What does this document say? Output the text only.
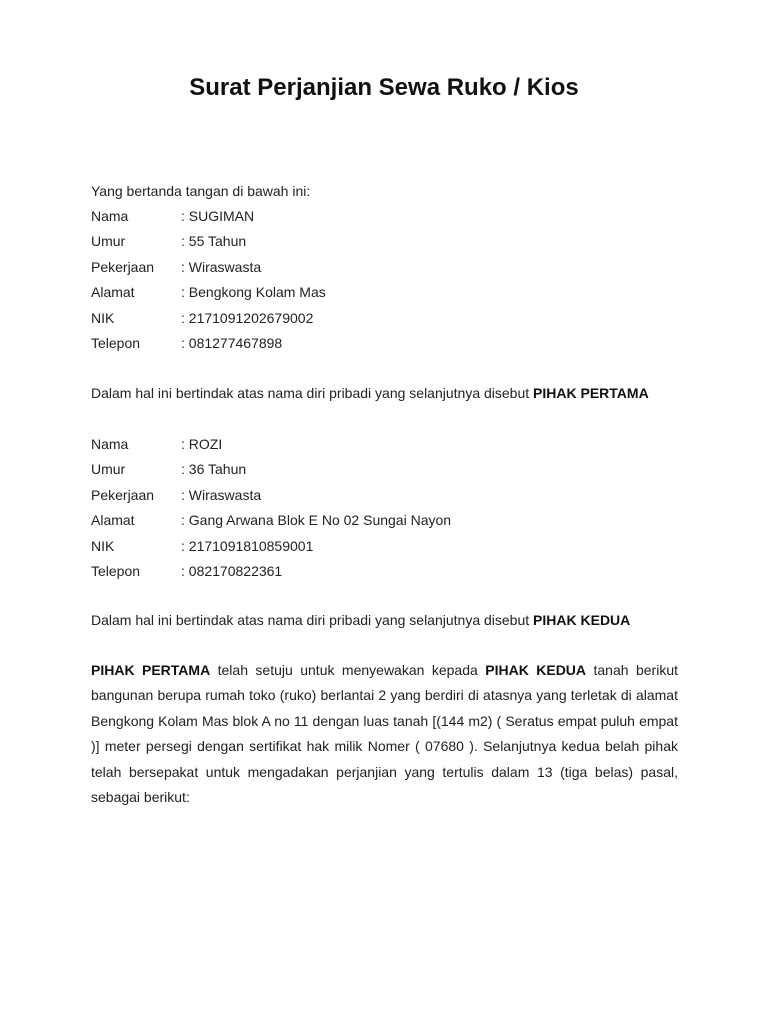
Surat Perjanjian Sewa Ruko / Kios

Yang bertanda tangan di bawah ini:

Nama	: SUGIMAN
Umur	: 55 Tahun
Pekerjaan	: Wiraswasta
Alamat	: Bengkong Kolam Mas
NIK	: 2171091202679002
Telepon	: 081277467898

Dalam hal ini bertindak atas nama diri pribadi yang selanjutnya disebut PIHAK PERTAMA

Nama	: ROZI
Umur	: 36 Tahun
Pekerjaan	: Wiraswasta
Alamat	: Gang Arwana Blok E No 02 Sungai Nayon
NIK	: 2171091810859001
Telepon	: 082170822361

Dalam hal ini bertindak atas nama diri pribadi yang selanjutnya disebut PIHAK KEDUA

PIHAK PERTAMA telah setuju untuk menyewakan kepada PIHAK KEDUA tanah berikut bangunan berupa rumah toko (ruko) berlantai 2 yang berdiri di atasnya yang terletak di alamat Bengkong Kolam Mas blok A no 11 dengan luas tanah [(144 m2) ( Seratus empat puluh empat )] meter persegi dengan sertifikat hak milik Nomer ( 07680 ). Selanjutnya kedua belah pihak telah bersepakat untuk mengadakan perjanjian yang tertulis dalam 13 (tiga belas) pasal, sebagai berikut:
